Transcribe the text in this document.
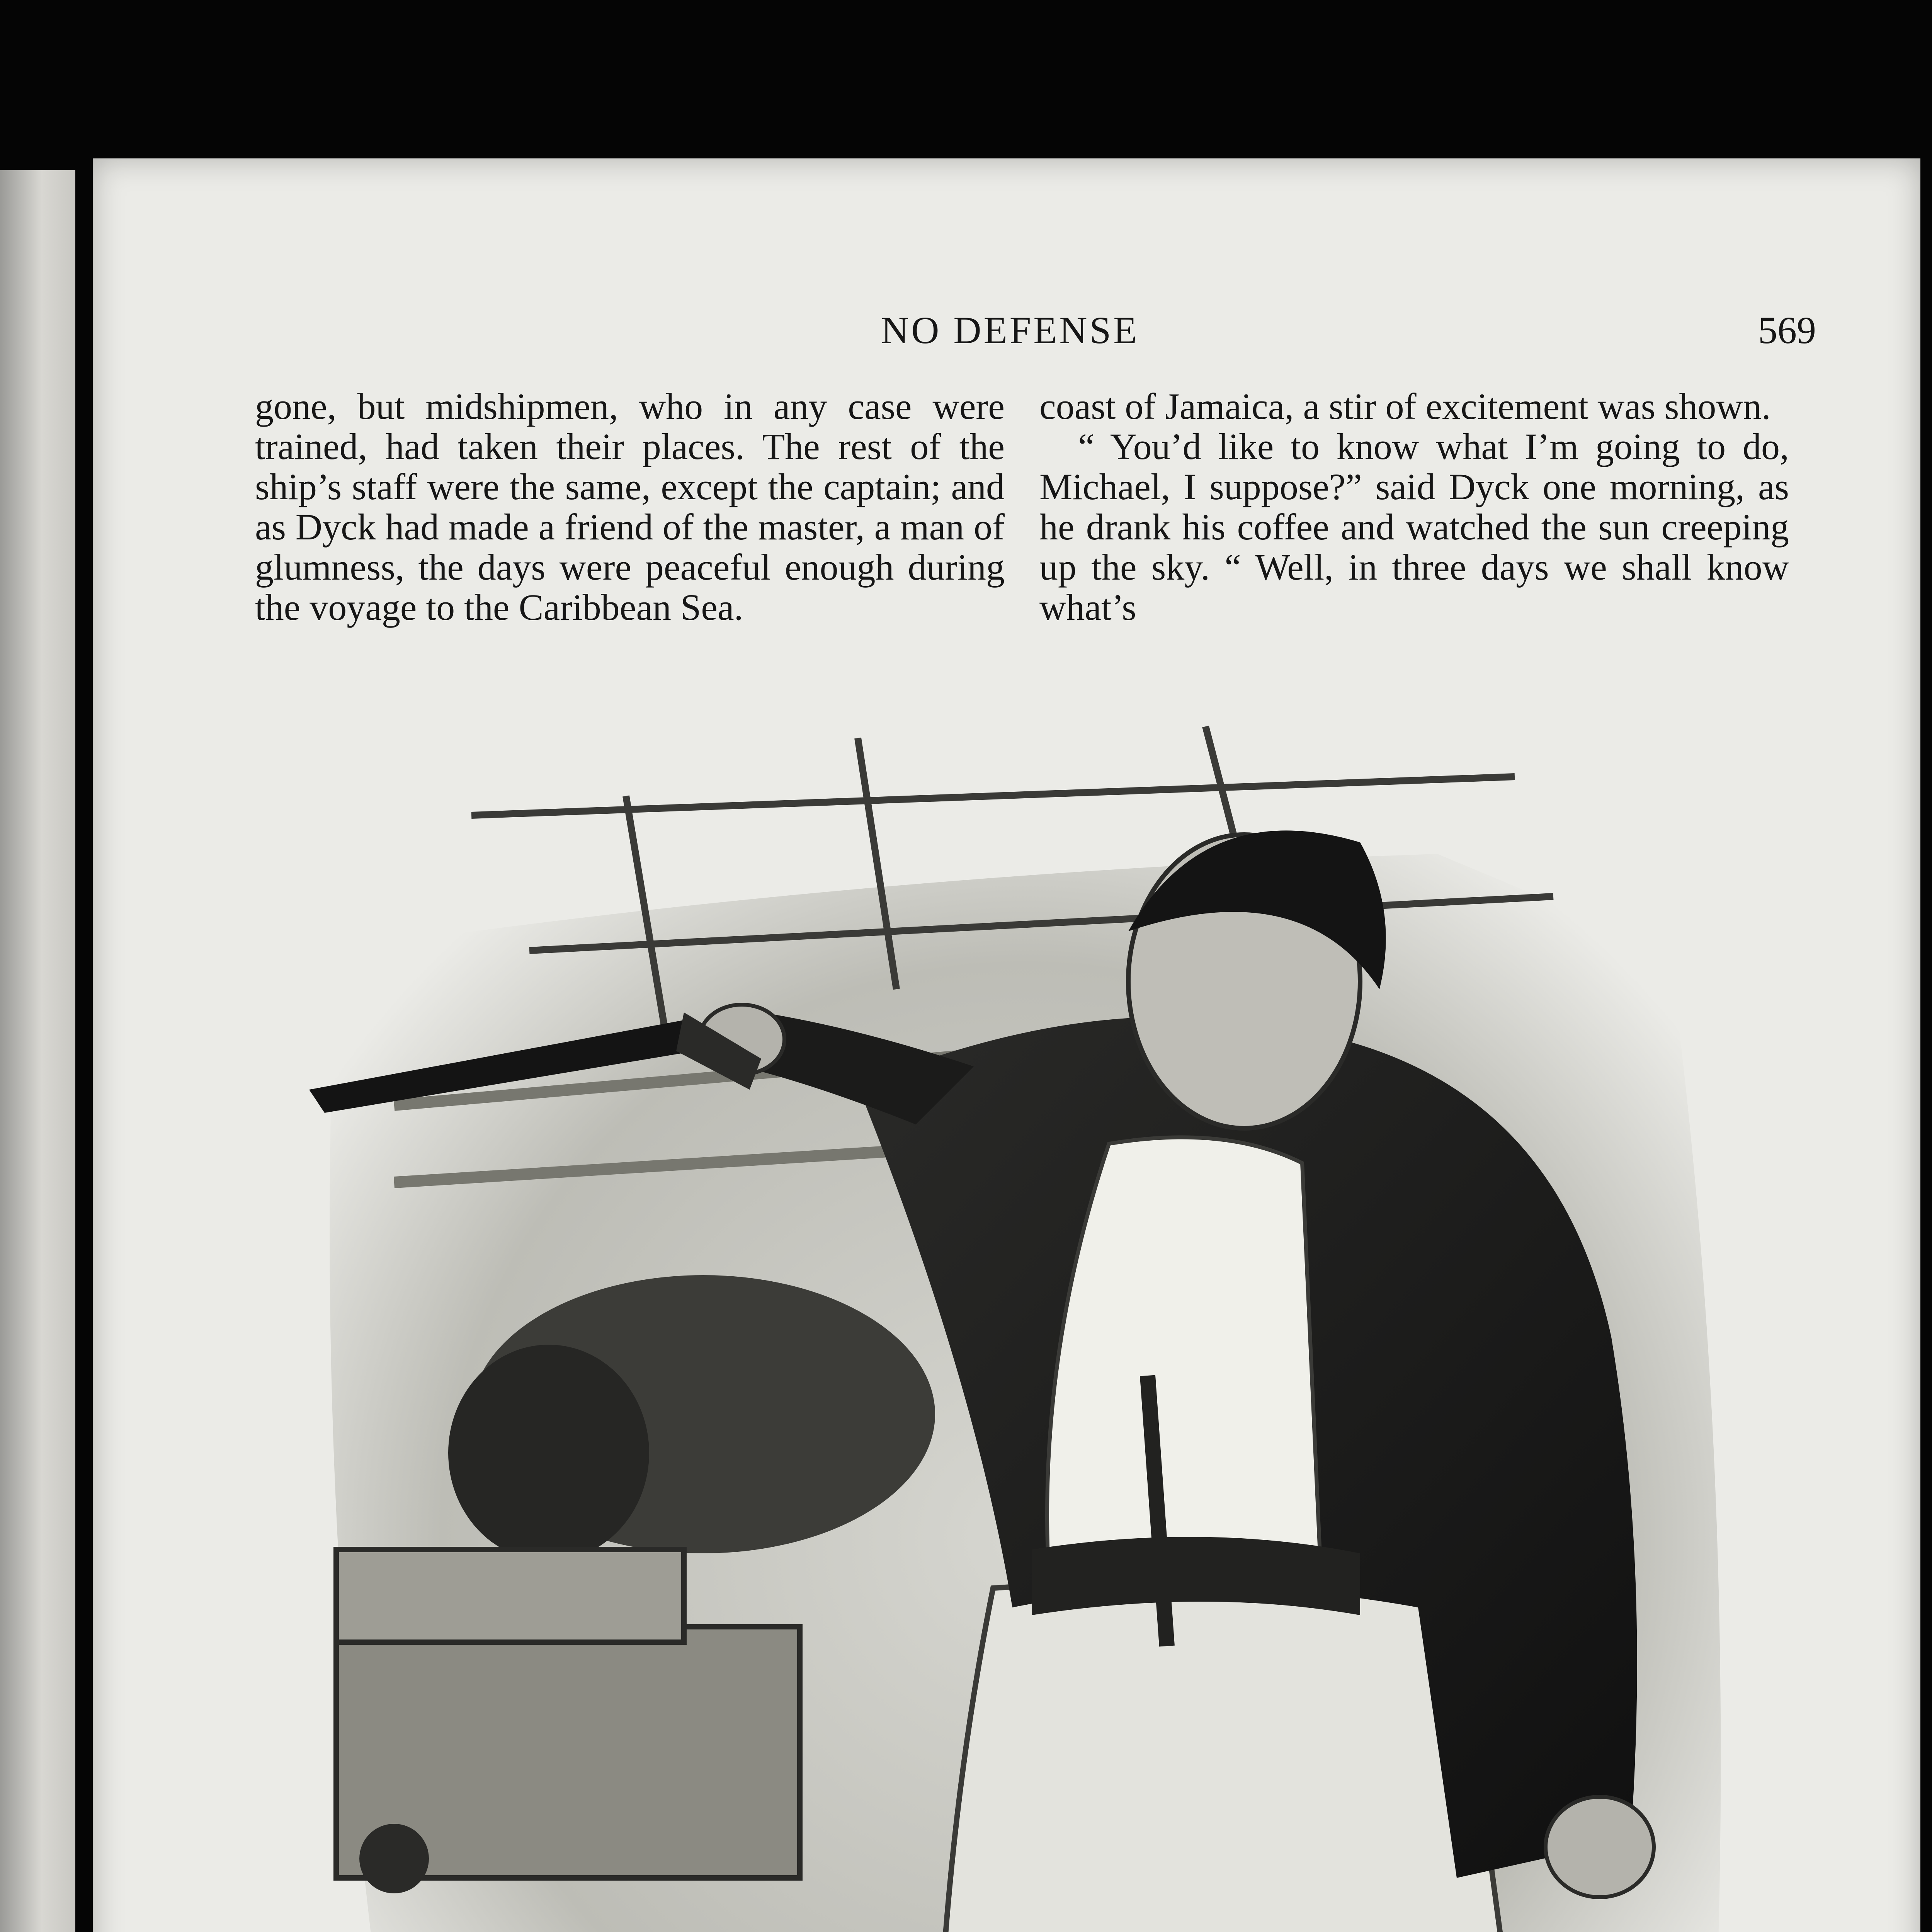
NO DEFENSE	569

gone, but midshipmen, who in any case were trained, had taken their places. The rest of the ship’s staff were the same, except the captain; and as Dyck had made a friend of the master, a man of glumness, the days were peaceful enough during the voyage to the Caribbean Sea.

coast of Jamaica, a stir of excitement was shown.

“ You’d like to know what I’m going to do, Michael, I suppose?” said Dyck one morning, as he drank his coffee and watched the sun creeping up the sky. “ Well, in three days we shall know what’s
